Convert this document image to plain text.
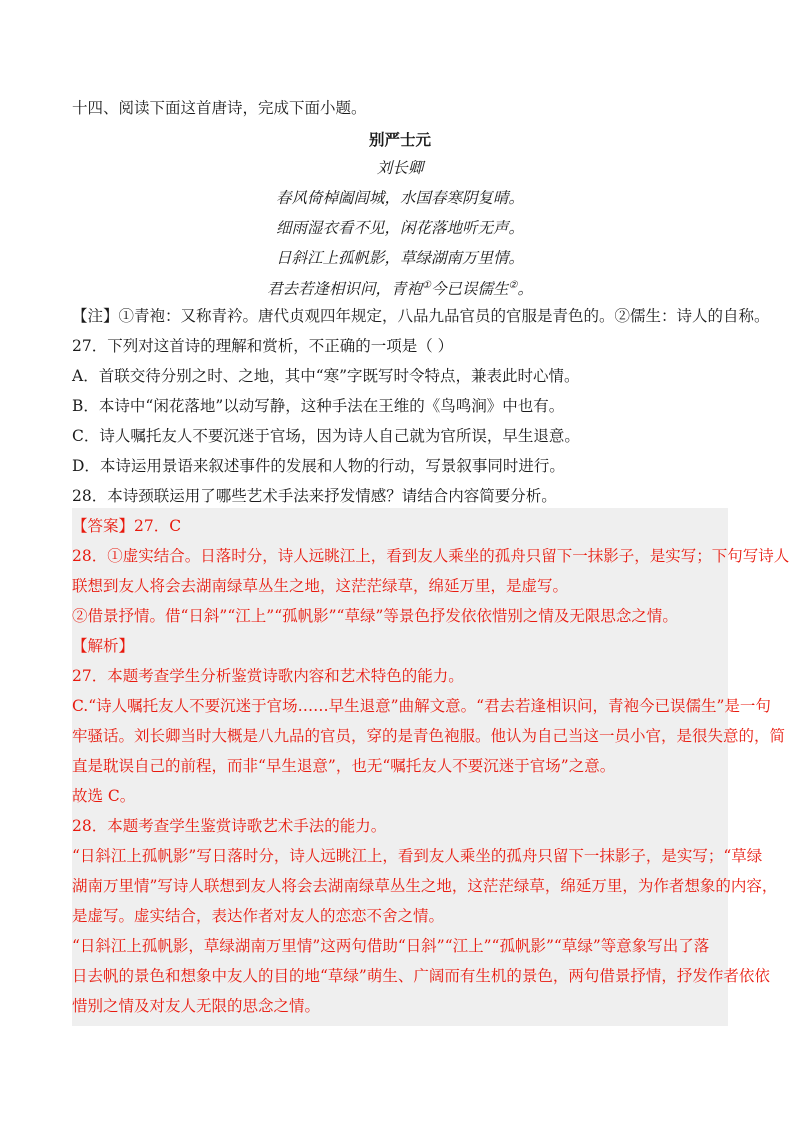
十四、阅读下面这首唐诗，完成下面小题。
别严士元
刘长卿
春风倚棹阖闾城，水国春寒阴复晴。
细雨湿衣看不见，闲花落地听无声。
日斜江上孤帆影，草绿湖南万里情。
君去若逢相识问，青袍①今已误儒生②。
【注】①青袍：又称青衿。唐代贞观四年规定，八品九品官员的官服是青色的。②儒生：诗人的自称。
27．下列对这首诗的理解和赏析，不正确的一项是（ ）
A．首联交待分别之时、之地，其中“寒”字既写时令特点，兼表此时心情。
B．本诗中“闲花落地”以动写静，这种手法在王维的《鸟鸣涧》中也有。
C．诗人嘱托友人不要沉迷于官场，因为诗人自己就为官所误，早生退意。
D．本诗运用景语来叙述事件的发展和人物的行动，写景叙事同时进行。
28．本诗颈联运用了哪些艺术手法来抒发情感？请结合内容简要分析。
【答案】27．C
28．①虚实结合。日落时分，诗人远眺江上，看到友人乘坐的孤舟只留下一抹影子，是实写；下句写诗人
联想到友人将会去湖南绿草丛生之地，这茫茫绿草，绵延万里，是虚写。
②借景抒情。借“日斜”“江上”“孤帆影”“草绿”等景色抒发依依惜别之情及无限思念之情。
【解析】
27．本题考查学生分析鉴赏诗歌内容和艺术特色的能力。
C.“诗人嘱托友人不要沉迷于官场……早生退意”曲解文意。“君去若逢相识问，青袍今已误儒生”是一句
牢骚话。刘长卿当时大概是八九品的官员，穿的是青色袍服。他认为自己当这一员小官，是很失意的，简
直是耽误自己的前程，而非“早生退意”，也无“嘱托友人不要沉迷于官场”之意。
故选 C。
28．本题考查学生鉴赏诗歌艺术手法的能力。
“日斜江上孤帆影”写日落时分，诗人远眺江上，看到友人乘坐的孤舟只留下一抹影子，是实写；“草绿
湖南万里情”写诗人联想到友人将会去湖南绿草丛生之地，这茫茫绿草，绵延万里，为作者想象的内容，
是虚写。虚实结合，表达作者对友人的恋恋不舍之情。
“日斜江上孤帆影，草绿湖南万里情”这两句借助“日斜”“江上”“孤帆影”“草绿”等意象写出了落
日去帆的景色和想象中友人的目的地“草绿”萌生、广阔而有生机的景色，两句借景抒情，抒发作者依依
惜别之情及对友人无限的思念之情。
